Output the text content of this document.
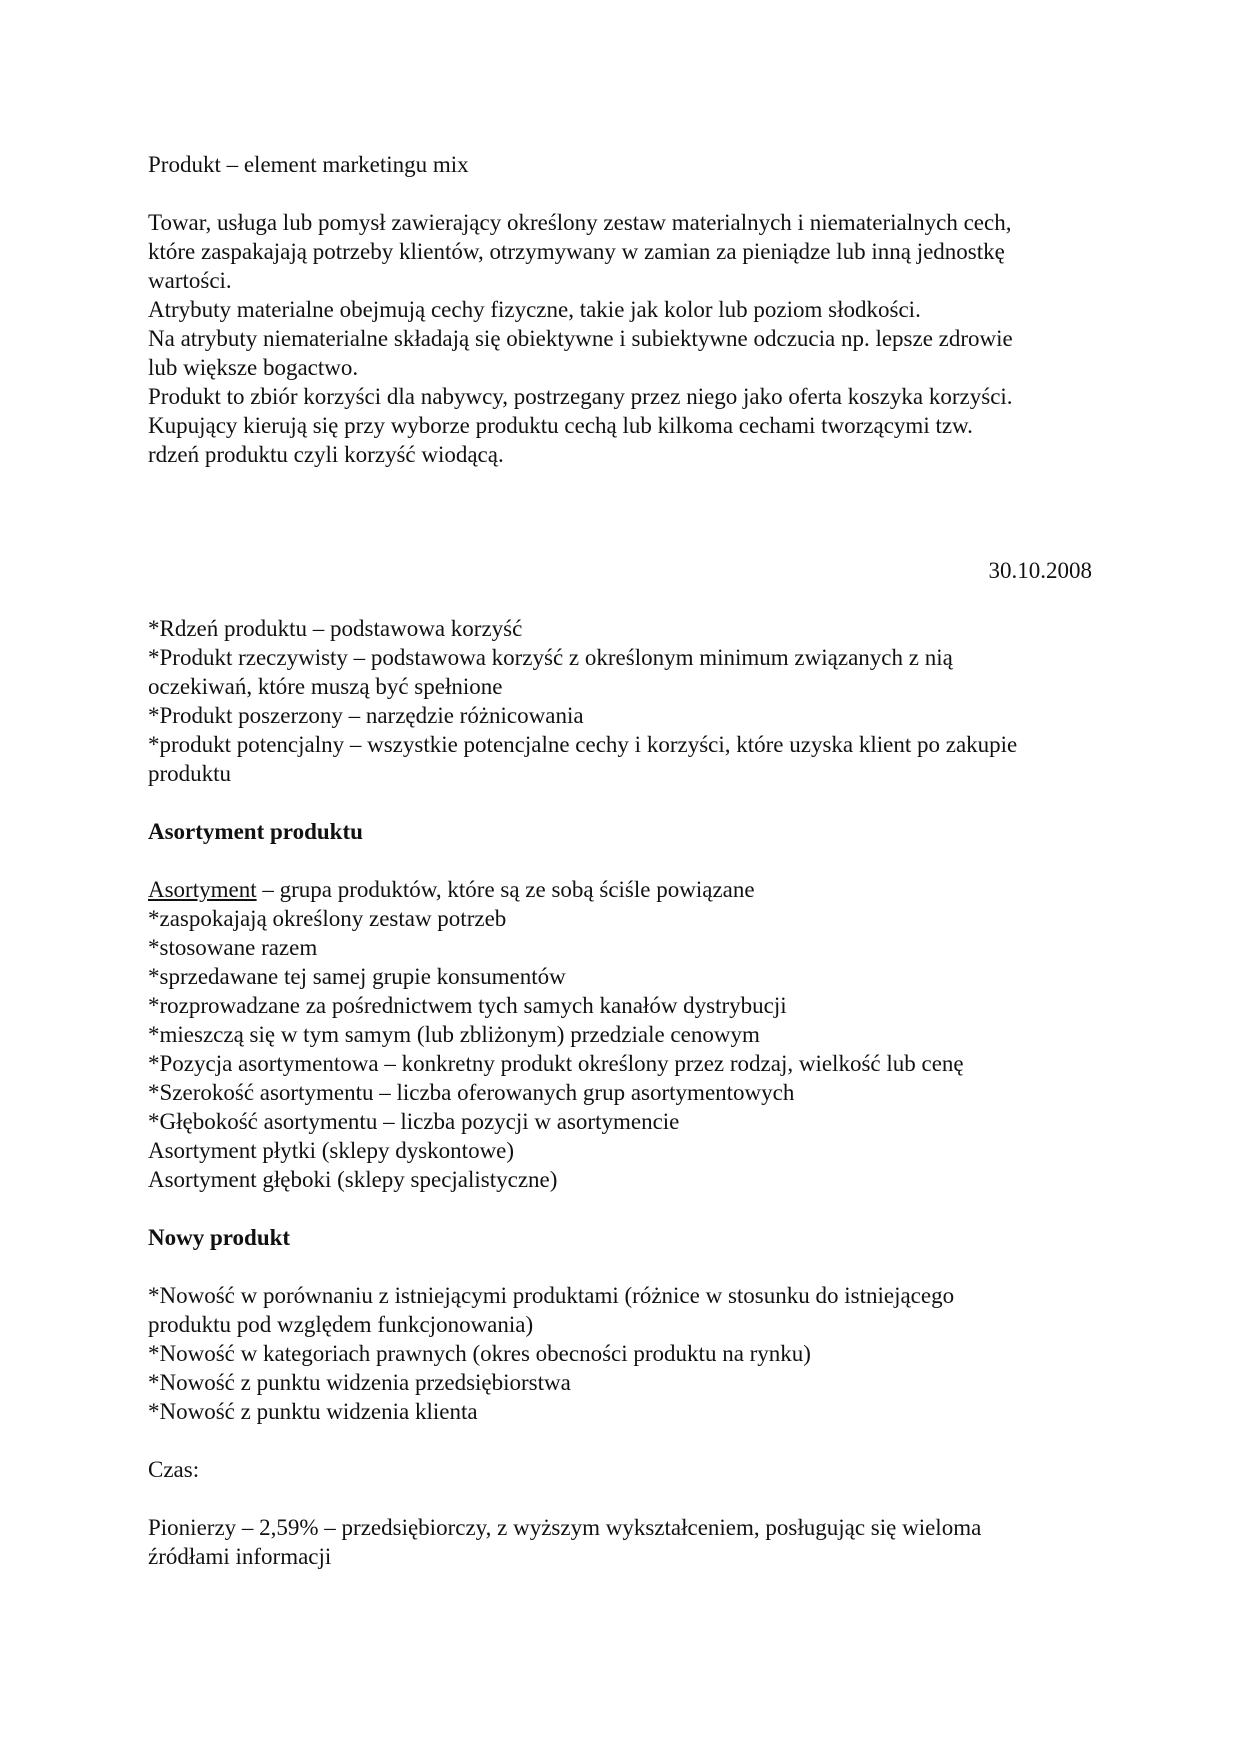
Produkt – element marketingu mix

Towar, usługa lub pomysł zawierający określony zestaw materialnych i niematerialnych cech,

które zaspakajają potrzeby klientów, otrzymywany w zamian za pieniądze lub inną jednostkę

wartości.

Atrybuty materialne obejmują cechy fizyczne, takie jak kolor lub poziom słodkości.

Na atrybuty niematerialne składają się obiektywne i subiektywne odczucia np. lepsze zdrowie

lub większe bogactwo.

Produkt to zbiór korzyści dla nabywcy, postrzegany przez niego jako oferta koszyka korzyści.

Kupujący kierują się przy wyborze produktu cechą lub kilkoma cechami tworzącymi tzw.

rdzeń produktu czyli korzyść wiodącą.

30.10.2008

*Rdzeń produktu – podstawowa korzyść

*Produkt rzeczywisty – podstawowa korzyść z określonym minimum związanych z nią

oczekiwań, które muszą być spełnione

*Produkt poszerzony – narzędzie różnicowania

*produkt potencjalny – wszystkie potencjalne cechy i korzyści, które uzyska klient po zakupie

produktu

Asortyment produktu

Asortyment – grupa produktów, które są ze sobą ściśle powiązane

*zaspokajają określony zestaw potrzeb

*stosowane razem

*sprzedawane tej samej grupie konsumentów

*rozprowadzane za pośrednictwem tych samych kanałów dystrybucji

*mieszczą się w tym samym (lub zbliżonym) przedziale cenowym

*Pozycja asortymentowa – konkretny produkt określony przez rodzaj, wielkość lub cenę

*Szerokość asortymentu – liczba oferowanych grup asortymentowych

*Głębokość asortymentu – liczba pozycji w asortymencie

Asortyment płytki (sklepy dyskontowe)

Asortyment głęboki (sklepy specjalistyczne)

Nowy produkt

*Nowość w porównaniu z istniejącymi produktami (różnice w stosunku do istniejącego

produktu pod względem funkcjonowania)

*Nowość w kategoriach prawnych (okres obecności produktu na rynku)

*Nowość z punktu widzenia przedsiębiorstwa

*Nowość z punktu widzenia klienta

Czas:

Pionierzy – 2,59% – przedsiębiorczy, z wyższym wykształceniem, posługując się wieloma

źródłami informacji
